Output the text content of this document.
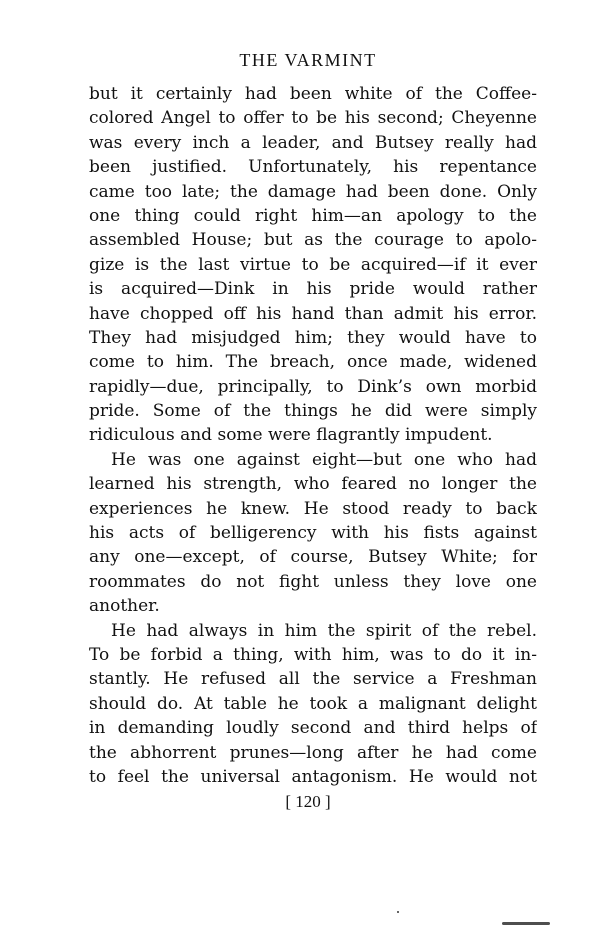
THE VARMINT
but it certainly had been white of the Coffee-
colored Angel to offer to be his second; Cheyenne
was every inch a leader, and Butsey really had
been justified. Unfortunately, his repentance
came too late; the damage had been done. Only
one thing could right him—an apology to the
assembled House; but as the courage to apolo-
gize is the last virtue to be acquired—if it ever
is acquired—Dink in his pride would rather
have chopped off his hand than admit his error.
They had misjudged him; they would have to
come to him. The breach, once made, widened
rapidly—due, principally, to Dink’s own morbid
pride. Some of the things he did were simply
ridiculous and some were flagrantly impudent.
He was one against eight—but one who had
learned his strength, who feared no longer the
experiences he knew. He stood ready to back
his acts of belligerency with his fists against
any one—except, of course, Butsey White; for
roommates do not fight unless they love one
another.
He had always in him the spirit of the rebel.
To be forbid a thing, with him, was to do it in-
stantly. He refused all the service a Freshman
should do. At table he took a malignant delight
in demanding loudly second and third helps of
the abhorrent prunes—long after he had come
to feel the universal antagonism. He would not
[ 120 ]
